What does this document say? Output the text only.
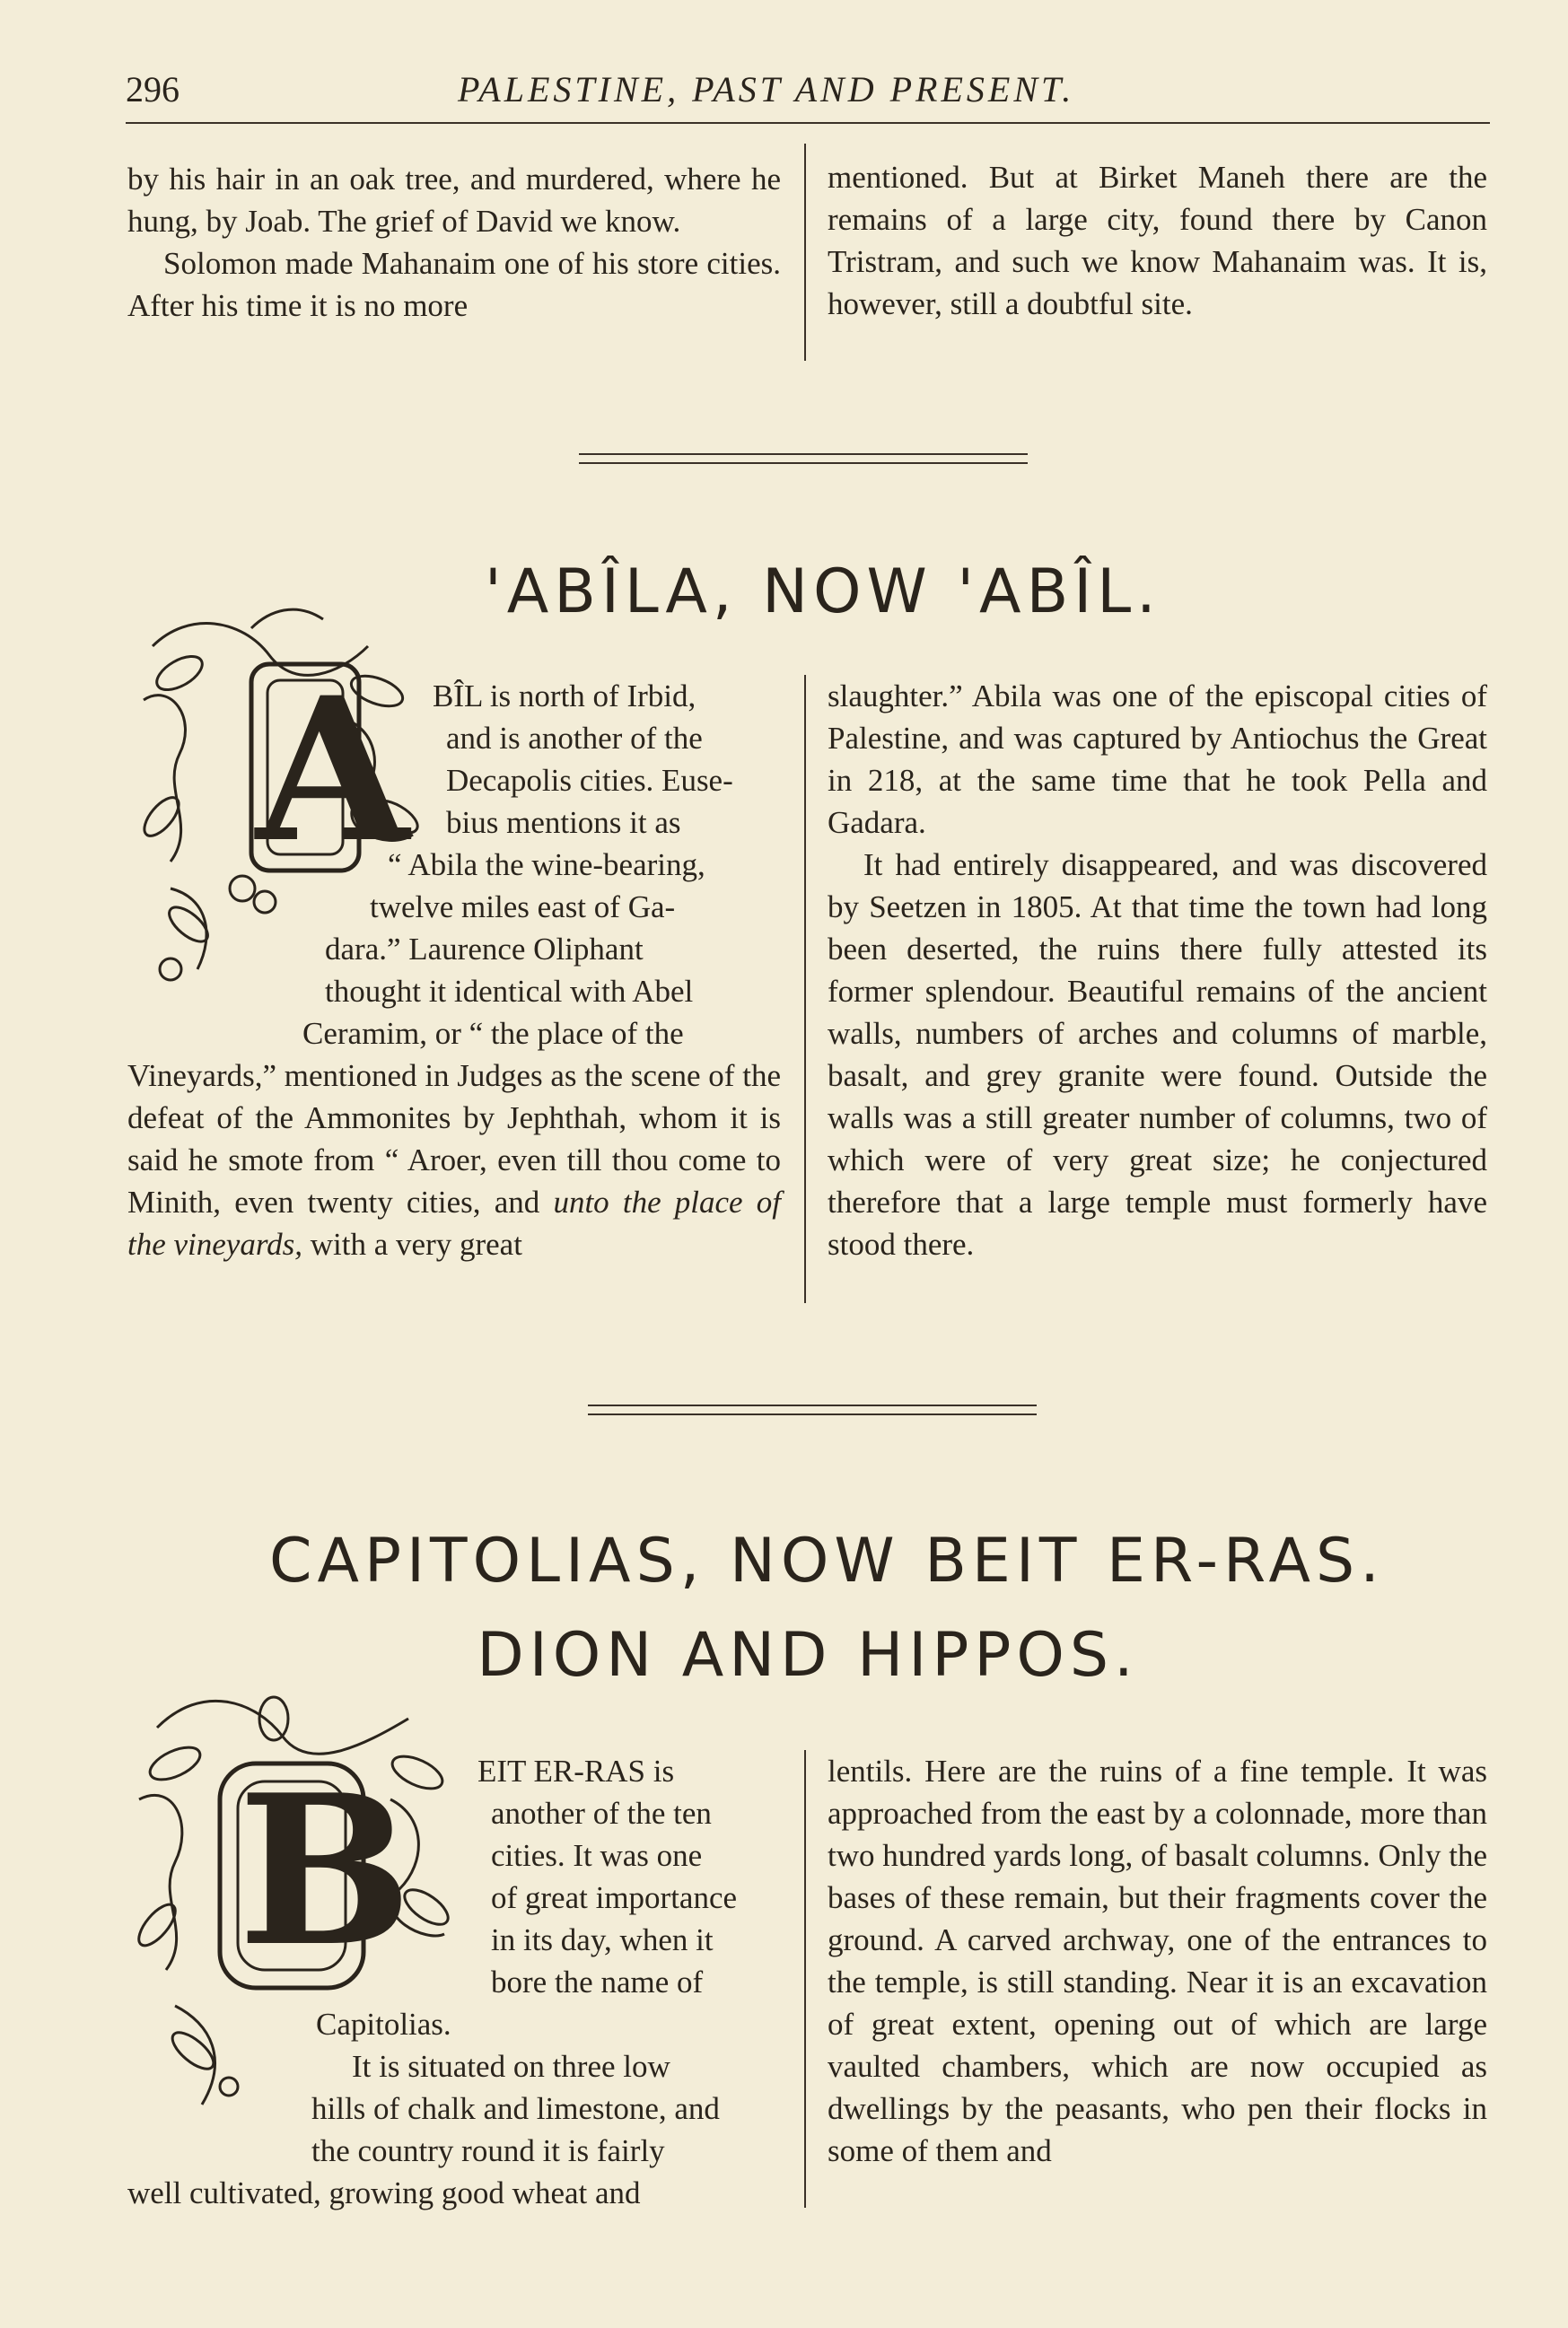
296	PALESTINE, PAST AND PRESENT.

by his hair in an oak tree, and murdered, where he hung, by Joab. The grief of David we know.

Solomon made Mahanaim one of his store cities. After his time it is no more

mentioned. But at Birket Maneh there are the remains of a large city, found there by Canon Tristram, and such we know Mahanaim was. It is, however, still a doubtful site.

'ABÎLA, NOW 'ABÎL.
A BÎL is north of Irbid,
and is another of the
Decapolis cities. Euse-
bius mentions it as
“ Abila the wine-bearing,
twelve miles east of Ga-
dara.” Laurence Oliphant
thought it identical with Abel
Ceramim, or “ the place of the

Vineyards,” mentioned in Judges as the scene of the defeat of the Ammonites by Jephthah, whom it is said he smote from “ Aroer, even till thou come to Minith, even twenty cities, and unto the place of the vineyards, with a very great

slaughter.” Abila was one of the episcopal cities of Palestine, and was captured by Antiochus the Great in 218, at the same time that he took Pella and Gadara.

It had entirely disappeared, and was discovered by Seetzen in 1805. At that time the town had long been deserted, the ruins there fully attested its former splendour. Beautiful remains of the ancient walls, numbers of arches and columns of marble, basalt, and grey granite were found. Outside the walls was a still greater number of columns, two of which were of very great size; he conjectured therefore that a large temple must formerly have stood there.

CAPITOLIAS, NOW BEIT ER-RAS.
DION AND HIPPOS.
B EIT ER-RAS is
another of the ten
cities. It was one
of great importance
in its day, when it
bore the name of
Capitolias.
It is situated on three low
hills of chalk and limestone, and
the country round it is fairly
well cultivated, growing good wheat and

lentils. Here are the ruins of a fine temple. It was approached from the east by a colonnade, more than two hundred yards long, of basalt columns. Only the bases of these remain, but their fragments cover the ground. A carved archway, one of the entrances to the temple, is still standing. Near it is an excavation of great extent, opening out of which are large vaulted chambers, which are now occupied as dwellings by the peasants, who pen their flocks in some of them and
